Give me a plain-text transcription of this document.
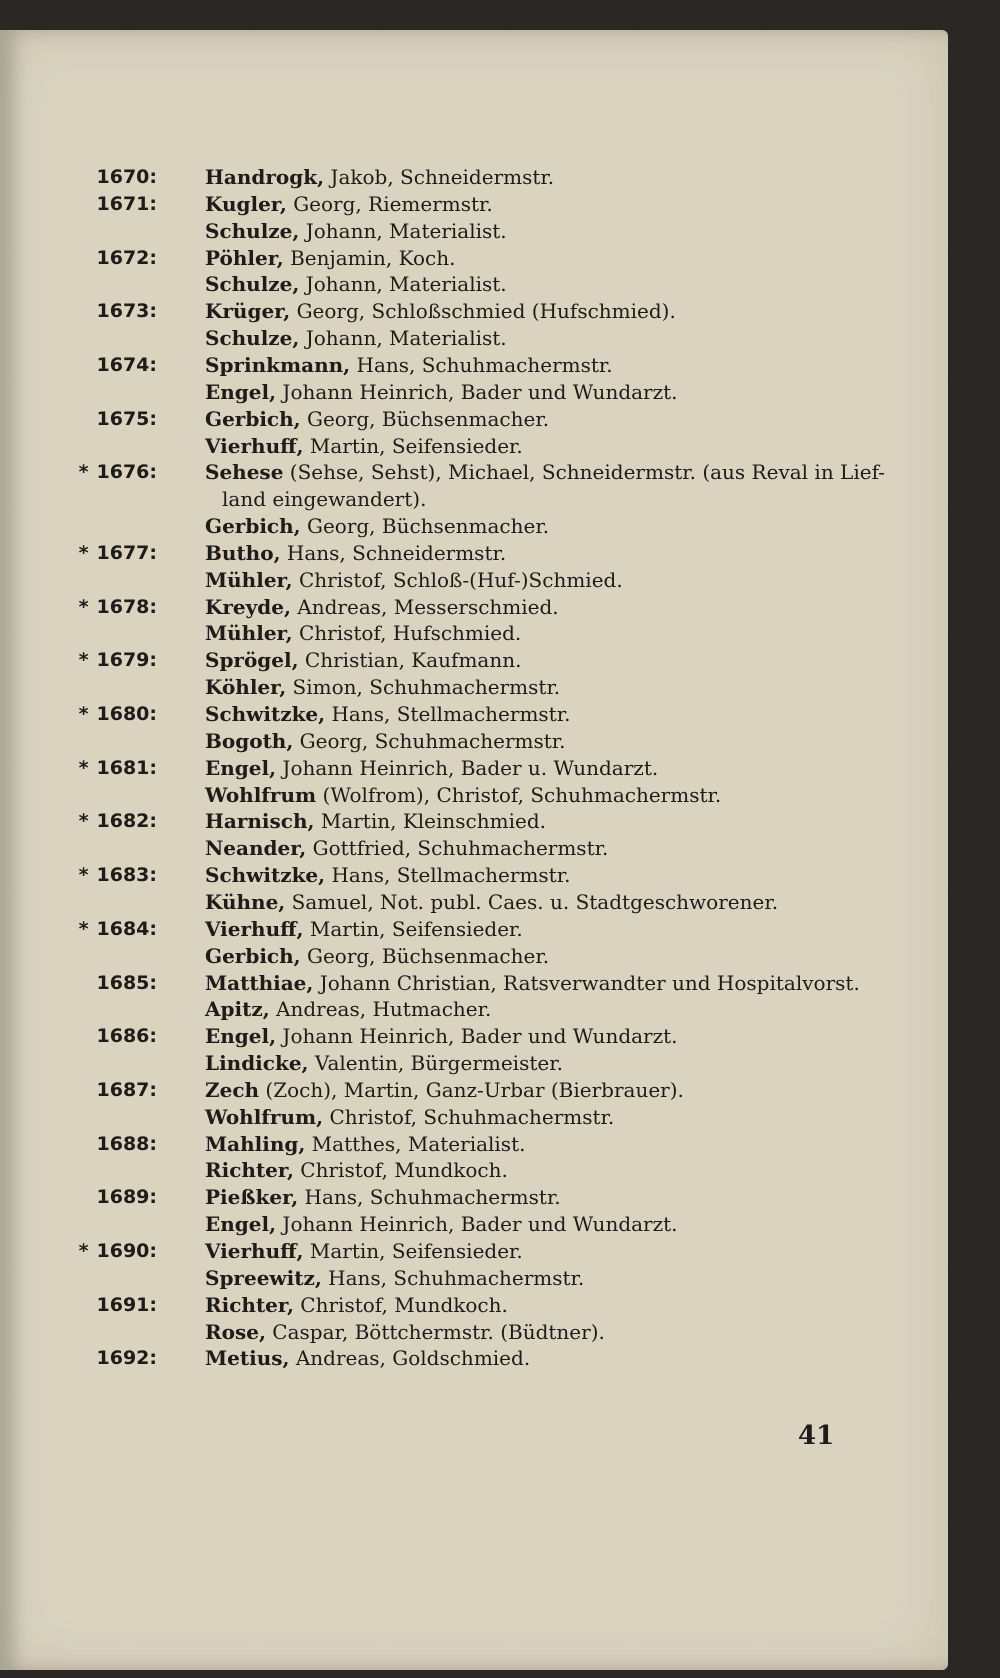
1670: Handrogk, Jakob, Schneidermstr.
1671: Kugler, Georg, Riemermstr.
Schulze, Johann, Materialist.
1672: Pöhler, Benjamin, Koch.
Schulze, Johann, Materialist.
1673: Krüger, Georg, Schloßschmied (Hufschmied).
Schulze, Johann, Materialist.
1674: Sprinkmann, Hans, Schuhmachermstr.
Engel, Johann Heinrich, Bader und Wundarzt.
1675: Gerbich, Georg, Büchsenmacher.
Vierhuff, Martin, Seifensieder.
* 1676: Sehese (Sehse, Sehst), Michael, Schneidermstr. (aus Reval in Lief-
land eingewandert).
Gerbich, Georg, Büchsenmacher.
* 1677: Butho, Hans, Schneidermstr.
Mühler, Christof, Schloß-(Huf-)Schmied.
* 1678: Kreyde, Andreas, Messerschmied.
Mühler, Christof, Hufschmied.
* 1679: Sprögel, Christian, Kaufmann.
Köhler, Simon, Schuhmachermstr.
* 1680: Schwitzke, Hans, Stellmachermstr.
Bogoth, Georg, Schuhmachermstr.
* 1681: Engel, Johann Heinrich, Bader u. Wundarzt.
Wohlfrum (Wolfrom), Christof, Schuhmachermstr.
* 1682: Harnisch, Martin, Kleinschmied.
Neander, Gottfried, Schuhmachermstr.
* 1683: Schwitzke, Hans, Stellmachermstr.
Kühne, Samuel, Not. publ. Caes. u. Stadtgeschworener.
* 1684: Vierhuff, Martin, Seifensieder.
Gerbich, Georg, Büchsenmacher.
1685: Matthiae, Johann Christian, Ratsverwandter und Hospitalvorst.
Apitz, Andreas, Hutmacher.
1686: Engel, Johann Heinrich, Bader und Wundarzt.
Lindicke, Valentin, Bürgermeister.
1687: Zech (Zoch), Martin, Ganz-Urbar (Bierbrauer).
Wohlfrum, Christof, Schuhmachermstr.
1688: Mahling, Matthes, Materialist.
Richter, Christof, Mundkoch.
1689: Pießker, Hans, Schuhmachermstr.
Engel, Johann Heinrich, Bader und Wundarzt.
* 1690: Vierhuff, Martin, Seifensieder.
Spreewitz, Hans, Schuhmachermstr.
1691: Richter, Christof, Mundkoch.
Rose, Caspar, Böttchermstr. (Büdtner).
1692: Metius, Andreas, Goldschmied.
41
